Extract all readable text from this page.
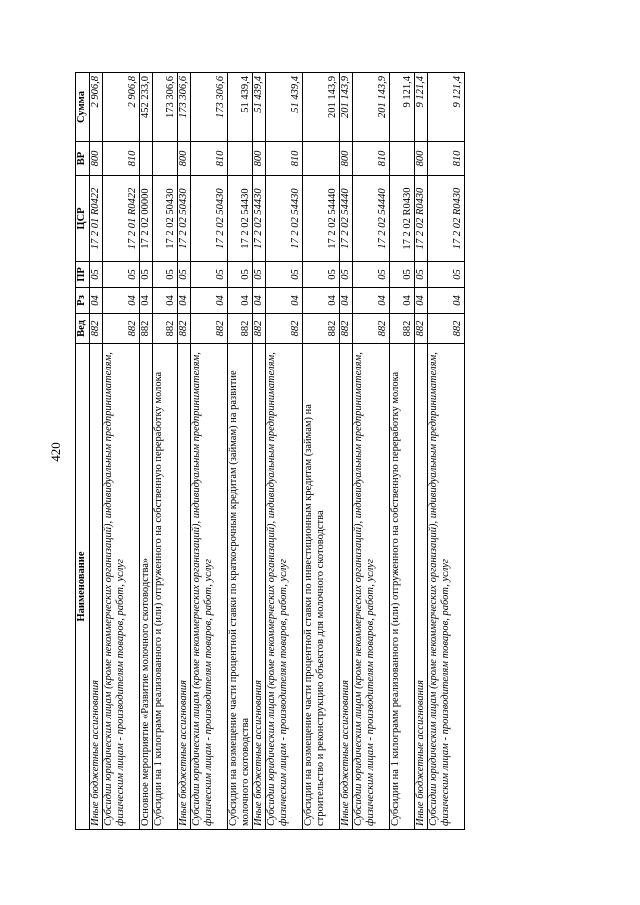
420
Наименование	Вед	Рз	ПР	ЦСР	ВР	Сумма
Иные бюджетные ассигнования	882	04	05	17 2 01 R0422	800	2 906,8
Субсидии юридическим лицам (кроме некоммерческих организаций), индивидуальным предпринимателям, физическим лицам - производителям товаров, работ, услуг	882	04	05	17 2 01 R0422	810	2 906,8
Основное мероприятие «Развитие молочного скотоводства»	882	04	05	17 2 02 00000		452 233,0
Субсидии на 1 килограмм реализованного и (или) отгруженного на собственную переработку молока	882	04	05	17 2 02 50430		173 306,6
Иные бюджетные ассигнования	882	04	05	17 2 02 50430	800	173 306,6
Субсидии юридическим лицам (кроме некоммерческих организаций), индивидуальным предпринимателям, физическим лицам - производителям товаров, работ, услуг	882	04	05	17 2 02 50430	810	173 306,6
Субсидии на возмещение части процентной ставки по краткосрочным кредитам (займам) на развитие молочного скотоводства	882	04	05	17 2 02 54430		51 439,4
Иные бюджетные ассигнования	882	04	05	17 2 02 54430	800	51 439,4
Субсидии юридическим лицам (кроме некоммерческих организаций), индивидуальным предпринимателям, физическим лицам - производителям товаров, работ, услуг	882	04	05	17 2 02 54430	810	51 439,4
Субсидии на возмещение части процентной ставки по инвестиционным кредитам (займам) на строительство и реконструкцию объектов для молочного скотоводства	882	04	05	17 2 02 54440		201 143,9
Иные бюджетные ассигнования	882	04	05	17 2 02 54440	800	201 143,9
Субсидии юридическим лицам (кроме некоммерческих организаций), индивидуальным предпринимателям, физическим лицам - производителям товаров, работ, услуг	882	04	05	17 2 02 54440	810	201 143,9
Субсидии на 1 килограмм реализованного и (или) отгруженного на собственную переработку молока	882	04	05	17 2 02 R0430		9 121,4
Иные бюджетные ассигнования	882	04	05	17 2 02 R0430	800	9 121,4
Субсидии юридическим лицам (кроме некоммерческих организаций), индивидуальным предпринимателям, физическим лицам - производителям товаров, работ, услуг	882	04	05	17 2 02 R0430	810	9 121,4
